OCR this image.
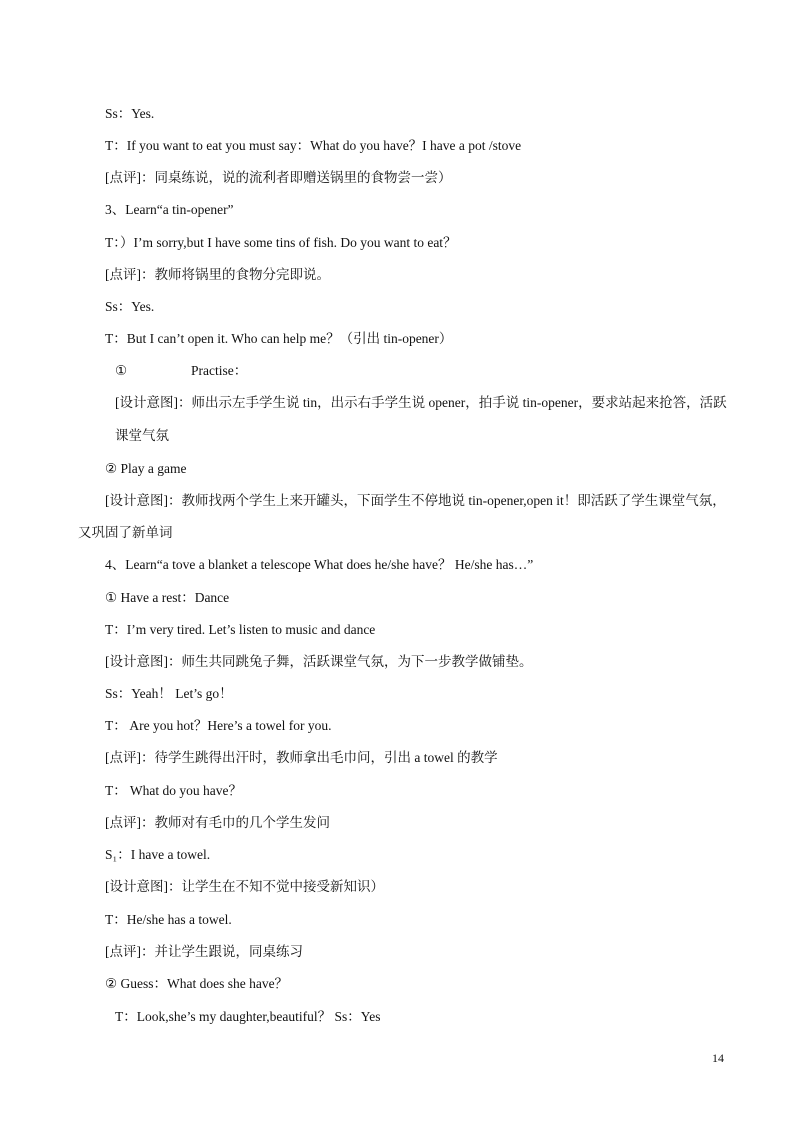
Ss：Yes.
T：If you want to eat you must say：What do you have？I have a pot /stove
[点评]：同桌练说，说的流利者即赠送锅里的食物尝一尝）
3、Learn“a tin-opener”
T：）I’m sorry,but I have some tins of fish. Do you want to eat？
[点评]：教师将锅里的食物分完即说。
Ss：Yes.
T：But I can’t open it. Who can help me？（引出 tin-opener）
①	Practise：
[设计意图]：师出示左手学生说 tin，出示右手学生说 opener，拍手说 tin-opener，要求站起来抢答，活跃
课堂气氛
② Play a game
[设计意图]：教师找两个学生上来开罐头，下面学生不停地说 tin-opener,open it！即活跃了学生课堂气氛，
又巩固了新单词
4、Learn“a tove a blanket a telescope What does he/she have？ He/she has…”
① Have a rest：Dance
T：I’m very tired. Let’s listen to music and dance
[设计意图]：师生共同跳兔子舞，活跃课堂气氛，为下一步教学做铺垫。
Ss：Yeah！ Let’s go！
T： Are you hot？Here’s a towel for you.
[点评]：待学生跳得出汗时，教师拿出毛巾问，引出 a towel 的教学
T： What do you have？
[点评]：教师对有毛巾的几个学生发问
S₁：I have a towel.
[设计意图]：让学生在不知不觉中接受新知识）
T：He/she has a towel.
[点评]：并让学生跟说，同桌练习
② Guess：What does she have？
T：Look,she’s my daughter,beautiful？ Ss：Yes
14
